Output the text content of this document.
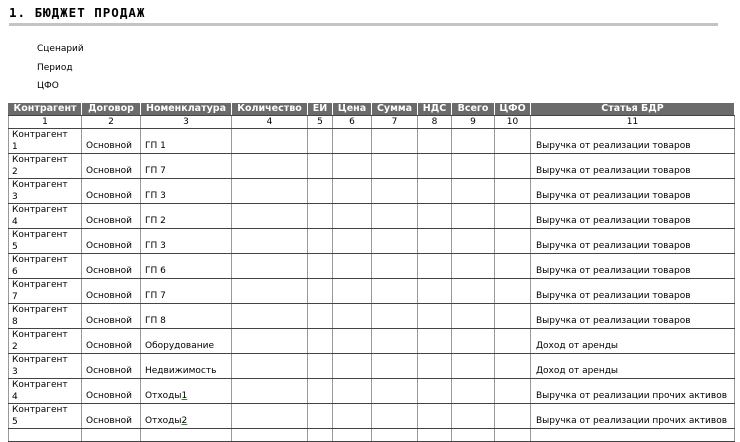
1. БЮДЖЕТ ПРОДАЖ
Сценарий
Период
ЦФО
Контрагент	Договор	Номенклатура	Количество	ЕИ	Цена	Сумма	НДС	Всего	ЦФО	Статья БДР
1	2	3	4	5	6	7	8	9	10	11
Контрагент
1	Основной	ГП 1								Выручка от реализации товаров
Контрагент
2	Основной	ГП 7								Выручка от реализации товаров
Контрагент
3	Основной	ГП 3								Выручка от реализации товаров
Контрагент
4	Основной	ГП 2								Выручка от реализации товаров
Контрагент
5	Основной	ГП 3								Выручка от реализации товаров
Контрагент
6	Основной	ГП 6								Выручка от реализации товаров
Контрагент
7	Основной	ГП 7								Выручка от реализации товаров
Контрагент
8	Основной	ГП 8								Выручка от реализации товаров
Контрагент
2	Основной	Оборудование								Доход от аренды
Контрагент
3	Основной	Недвижимость								Доход от аренды
Контрагент
4	Основной	Отходы1								Выручка от реализации прочих активов
Контрагент
5	Основной	Отходы2								Выручка от реализации прочих активов
